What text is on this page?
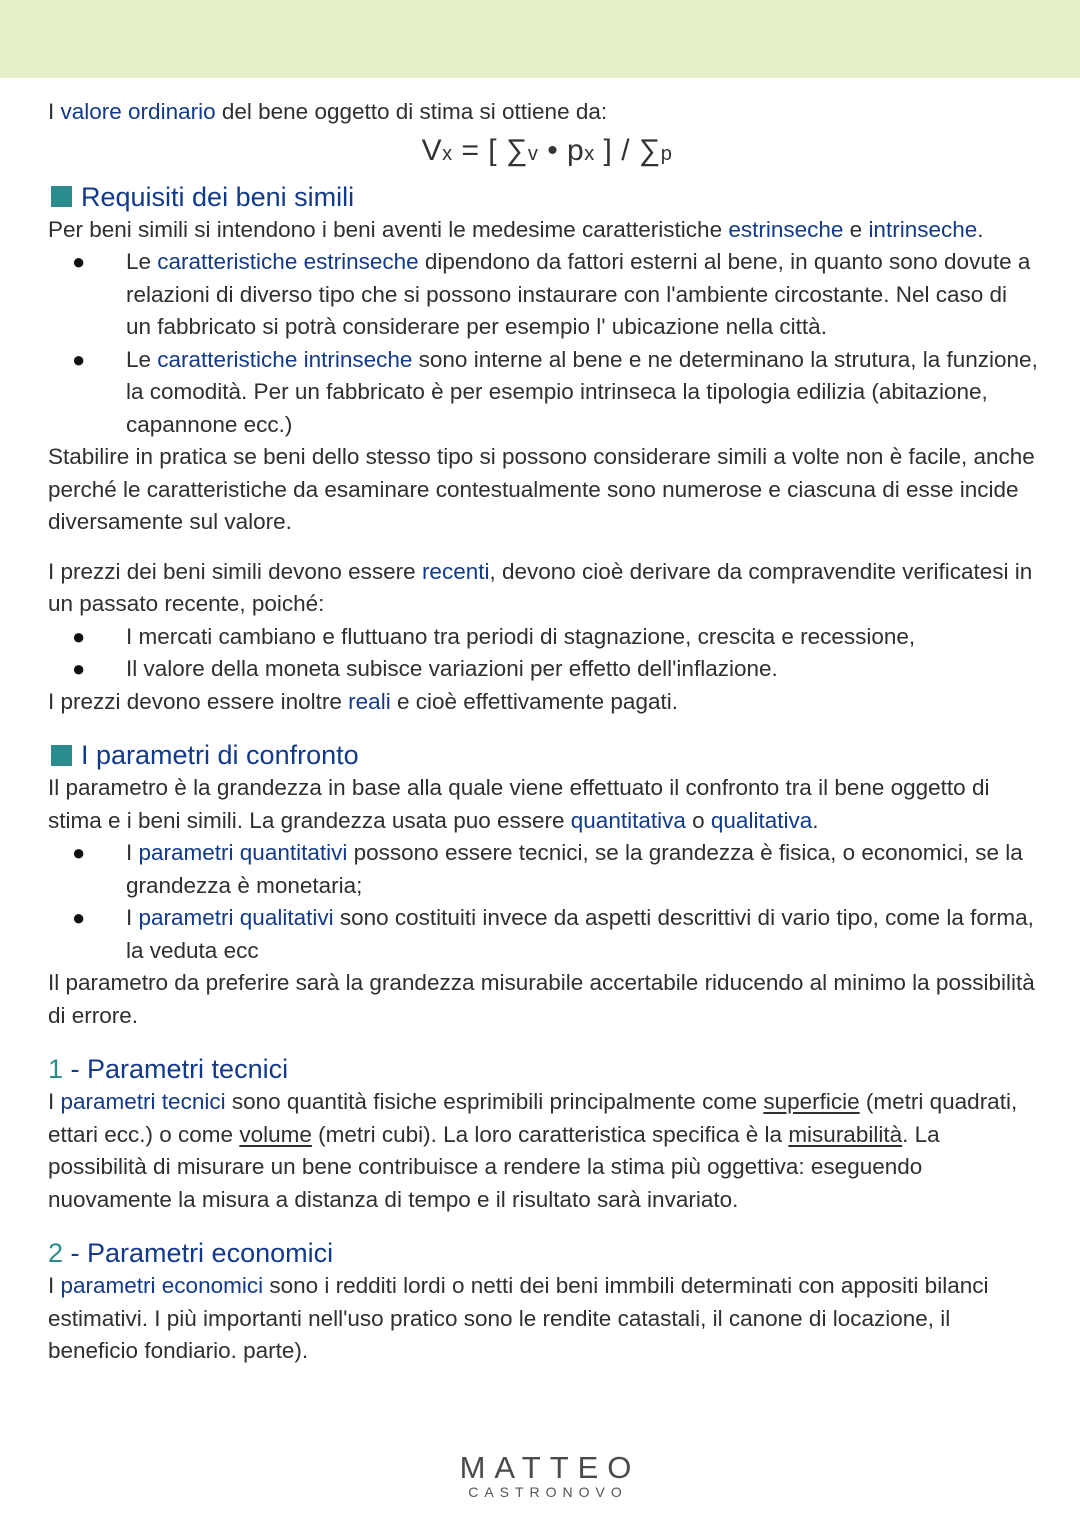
I valore ordinario del bene oggetto di stima si ottiene da:

Vx = [ ∑v • px ] / ∑p
Requisiti dei beni simili

Per beni simili si intendono i beni aventi le medesime caratteristiche estrinseche e intrinseche.

● Le caratteristiche estrinseche dipendono da fattori esterni al bene, in quanto sono dovute a relazioni di diverso tipo che si possono instaurare con l'ambiente circostante. Nel caso di un fabbricato si potrà considerare per esempio l' ubicazione nella città.
● Le caratteristiche intrinseche sono interne al bene e ne determinano la strutura, la funzione, la comodità. Per un fabbricato è per esempio intrinseca la tipologia edilizia (abitazione, capannone ecc.)

Stabilire in pratica se beni dello stesso tipo si possono considerare simili a volte non è facile, anche perché le caratteristiche da esaminare contestualmente sono numerose e ciascuna di esse incide diversamente sul valore.

I prezzi dei beni simili devono essere recenti, devono cioè derivare da compravendite verificatesi in un passato recente, poiché:

● I mercati cambiano e fluttuano tra periodi di stagnazione, crescita e recessione,
● Il valore della moneta subisce variazioni per effetto dell'inflazione.

I prezzi devono essere inoltre reali e cioè effettivamente pagati.

I parametri di confronto

Il parametro è la grandezza in base alla quale viene effettuato il confronto tra il bene oggetto di stima e i beni simili. La grandezza usata puo essere quantitativa o qualitativa.

● I parametri quantitativi possono essere tecnici, se la grandezza è fisica, o economici, se la grandezza è monetaria;
● I parametri qualitativi sono costituiti invece da aspetti descrittivi di vario tipo, come la forma, la veduta ecc

Il parametro da preferire sarà la grandezza misurabile accertabile riducendo al minimo la possibilità di errore.

1 - Parametri tecnici

I parametri tecnici sono quantità fisiche esprimibili principalmente come superficie (metri quadrati, ettari ecc.) o come volume (metri cubi). La loro caratteristica specifica è la misurabilità. La possibilità di misurare un bene contribuisce a rendere la stima più oggettiva: eseguendo nuovamente la misura a distanza di tempo e il risultato sarà invariato.

2 - Parametri economici

I parametri economici sono i redditi lordi o netti dei beni immbili determinati con appositi bilanci estimativi. I più importanti nell'uso pratico sono le rendite catastali, il canone di locazione, il beneficio fondiario. parte).

MATTEO
CASTRONOVO
